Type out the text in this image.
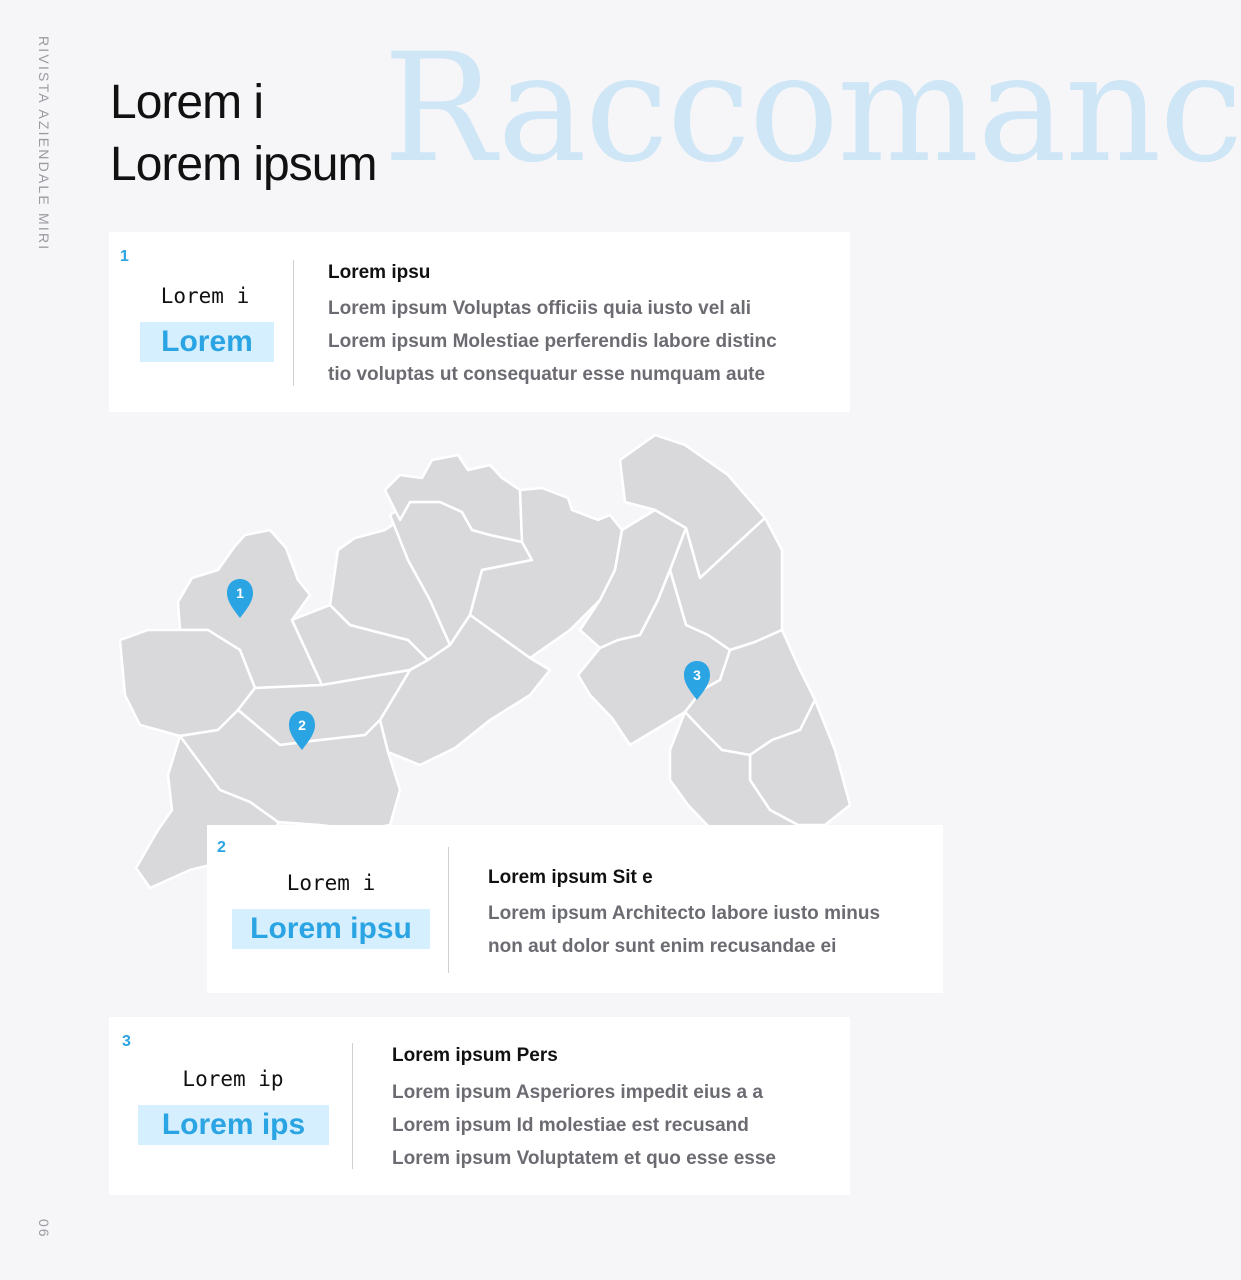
RIVISTA AZIENDALE MIRI
06
Raccomanc
Lorem i
Lorem ipsum
1
Lorem i
Lorem
Lorem ipsu
Lorem ipsum Voluptas officiis quia iusto vel ali
Lorem ipsum Molestiae perferendis labore distinc
tio voluptas ut consequatur esse numquam aute
1
2
3
2
Lorem i
Lorem ipsu
Lorem ipsum Sit e
Lorem ipsum Architecto labore iusto minus
non aut dolor sunt enim recusandae ei
3
Lorem ip
Lorem ips
Lorem ipsum Pers
Lorem ipsum Asperiores impedit eius a a
Lorem ipsum Id molestiae est recusand
Lorem ipsum Voluptatem et quo esse esse
